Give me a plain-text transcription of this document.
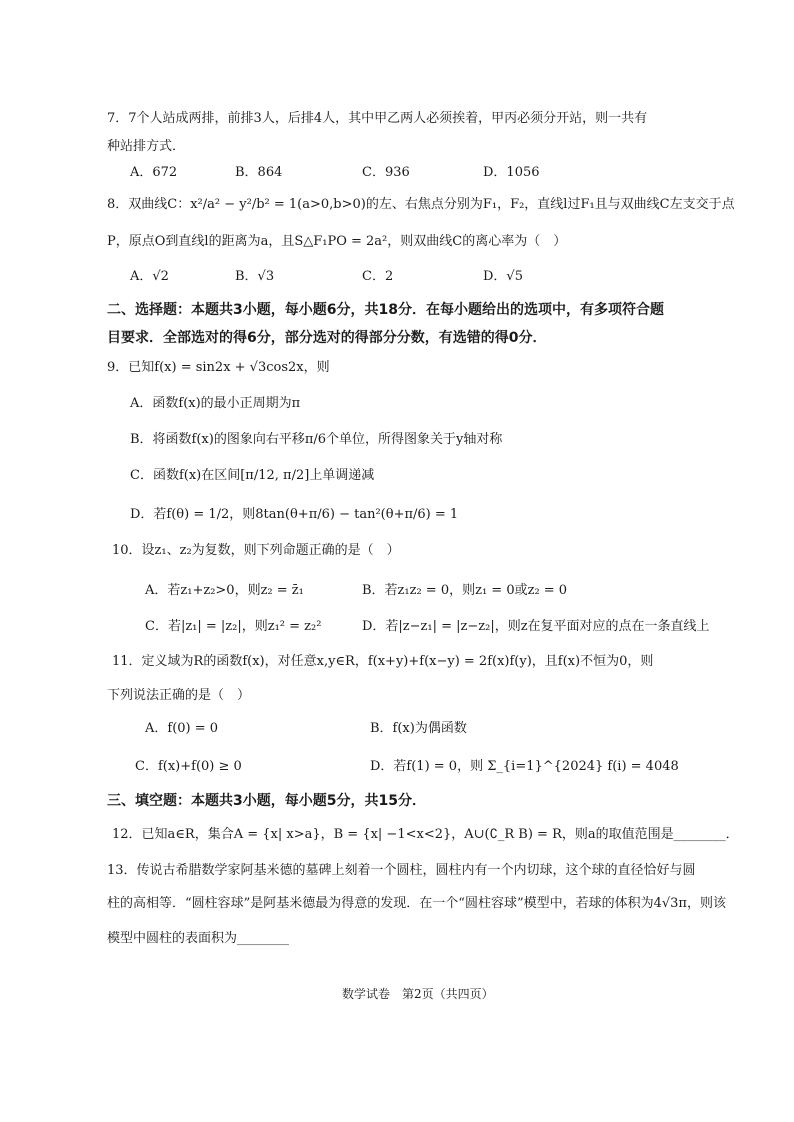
7．7个人站成两排，前排3人，后排4人，其中甲乙两人必须挨着，甲丙必须分开站，则一共有
种站排方式．
A．672	B．864	C．936	D．1056
8．双曲线C：x²/a² − y²/b² = 1(a>0,b>0)的左、右焦点分别为F₁，F₂，直线l过F₁且与双曲线C左支交于点
P，原点O到直线l的距离为a，且S△F₁PO = 2a²，则双曲线C的离心率为（　）
A．√2	B．√3	C．2	D．√5
二、选择题：本题共3小题，每小题6分，共18分．在每小题给出的选项中，有多项符合题
目要求．全部选对的得6分，部分选对的得部分分数，有选错的得0分．
9．已知f(x) = sin2x + √3cos2x，则
A．函数f(x)的最小正周期为π
B．将函数f(x)的图象向右平移π/6个单位，所得图象关于y轴对称
C．函数f(x)在区间[π/12, π/2]上单调递减
D．若f(θ) = 1/2，则8tan(θ+π/6) − tan²(θ+π/6) = 1
10．设z₁、z₂为复数，则下列命题正确的是（　）
A．若z₁+z₂>0，则z₂ = z̄₁	B．若z₁z₂ = 0，则z₁ = 0或z₂ = 0
C．若|z₁| = |z₂|，则z₁² = z₂²	D．若|z−z₁| = |z−z₂|，则z在复平面对应的点在一条直线上
11．定义域为R的函数f(x)，对任意x,y∈R，f(x+y)+f(x−y) = 2f(x)f(y)，且f(x)不恒为0，则
下列说法正确的是（　）
A．f(0) = 0	B．f(x)为偶函数
C．f(x)+f(0) ≥ 0	D．若f(1) = 0，则 Σ_{i=1}^{2024} f(i) = 4048
三、填空题：本题共3小题，每小题5分，共15分．
12．已知a∈R，集合A = {x| x>a}，B = {x| −1<x<2}，A∪(∁_R B) = R，则a的取值范围是________．
13．传说古希腊数学家阿基米德的墓碑上刻着一个圆柱，圆柱内有一个内切球，这个球的直径恰好与圆
柱的高相等．“圆柱容球”是阿基米德最为得意的发现．在一个“圆柱容球”模型中，若球的体积为4√3π，则该
模型中圆柱的表面积为________
数学试卷　第2页（共四页）
